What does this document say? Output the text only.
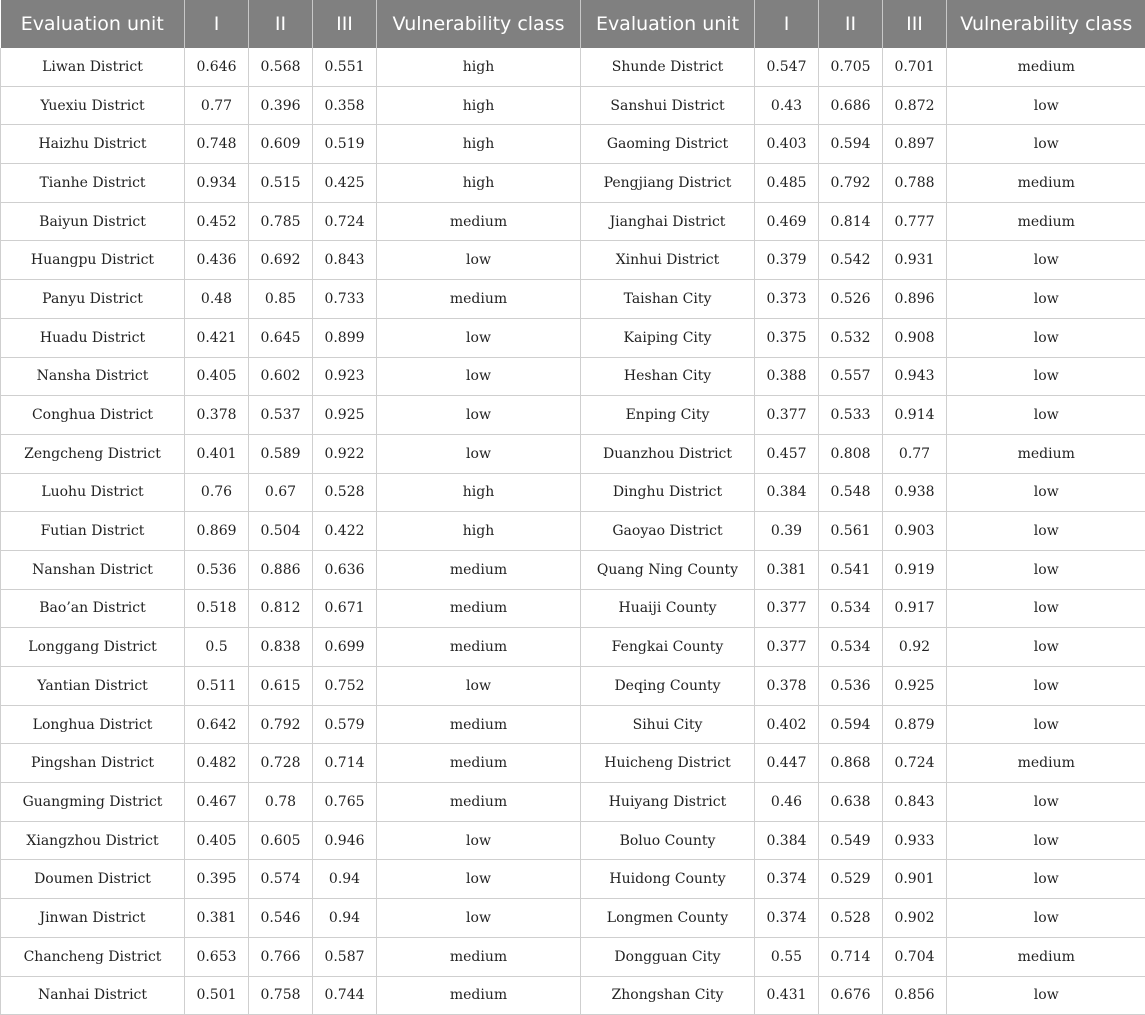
Evaluation unit	I	II	III	Vulnerability class	Evaluation unit	I	II	III	Vulnerability class
Liwan District	0.646	0.568	0.551	high	Shunde District	0.547	0.705	0.701	medium
Yuexiu District	0.77	0.396	0.358	high	Sanshui District	0.43	0.686	0.872	low
Haizhu District	0.748	0.609	0.519	high	Gaoming District	0.403	0.594	0.897	low
Tianhe District	0.934	0.515	0.425	high	Pengjiang District	0.485	0.792	0.788	medium
Baiyun District	0.452	0.785	0.724	medium	Jianghai District	0.469	0.814	0.777	medium
Huangpu District	0.436	0.692	0.843	low	Xinhui District	0.379	0.542	0.931	low
Panyu District	0.48	0.85	0.733	medium	Taishan City	0.373	0.526	0.896	low
Huadu District	0.421	0.645	0.899	low	Kaiping City	0.375	0.532	0.908	low
Nansha District	0.405	0.602	0.923	low	Heshan City	0.388	0.557	0.943	low
Conghua District	0.378	0.537	0.925	low	Enping City	0.377	0.533	0.914	low
Zengcheng District	0.401	0.589	0.922	low	Duanzhou District	0.457	0.808	0.77	medium
Luohu District	0.76	0.67	0.528	high	Dinghu District	0.384	0.548	0.938	low
Futian District	0.869	0.504	0.422	high	Gaoyao District	0.39	0.561	0.903	low
Nanshan District	0.536	0.886	0.636	medium	Quang Ning County	0.381	0.541	0.919	low
Bao’an District	0.518	0.812	0.671	medium	Huaiji County	0.377	0.534	0.917	low
Longgang District	0.5	0.838	0.699	medium	Fengkai County	0.377	0.534	0.92	low
Yantian District	0.511	0.615	0.752	low	Deqing County	0.378	0.536	0.925	low
Longhua District	0.642	0.792	0.579	medium	Sihui City	0.402	0.594	0.879	low
Pingshan District	0.482	0.728	0.714	medium	Huicheng District	0.447	0.868	0.724	medium
Guangming District	0.467	0.78	0.765	medium	Huiyang District	0.46	0.638	0.843	low
Xiangzhou District	0.405	0.605	0.946	low	Boluo County	0.384	0.549	0.933	low
Doumen District	0.395	0.574	0.94	low	Huidong County	0.374	0.529	0.901	low
Jinwan District	0.381	0.546	0.94	low	Longmen County	0.374	0.528	0.902	low
Chancheng District	0.653	0.766	0.587	medium	Dongguan City	0.55	0.714	0.704	medium
Nanhai District	0.501	0.758	0.744	medium	Zhongshan City	0.431	0.676	0.856	low
